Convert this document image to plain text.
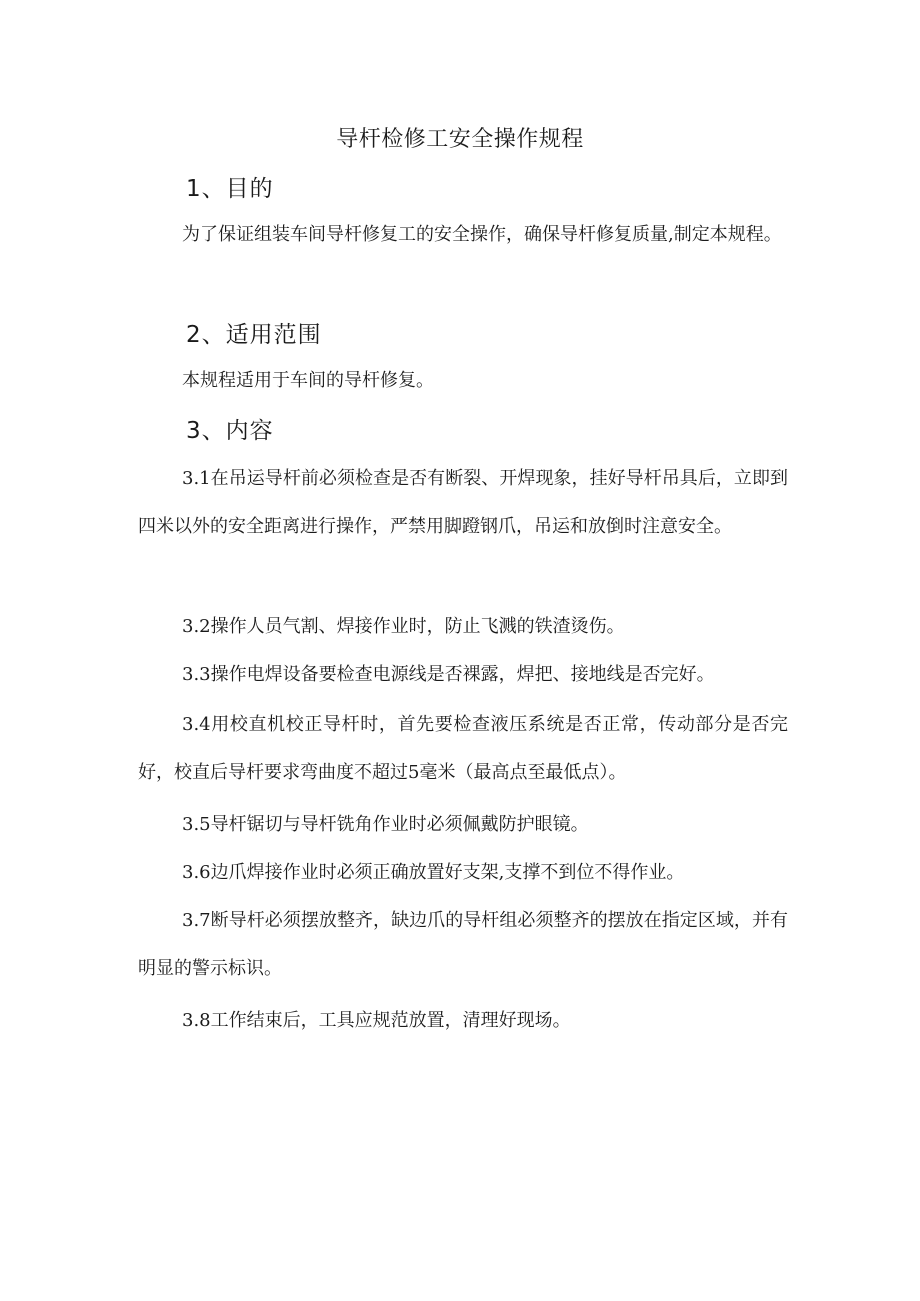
导杆检修工安全操作规程
1、目的
为了保证组装车间导杆修复工的安全操作，确保导杆修复质量,制定本规程。
2、适用范围
本规程适用于车间的导杆修复。
3、内容
3.1在吊运导杆前必须检查是否有断裂、开焊现象，挂好导杆吊具后，立即到四米以外的安全距离进行操作，严禁用脚蹬钢爪，吊运和放倒时注意安全。
3.2操作人员气割、焊接作业时，防止飞溅的铁渣烫伤。
3.3操作电焊设备要检查电源线是否裸露，焊把、接地线是否完好。
3.4用校直机校正导杆时，首先要检查液压系统是否正常，传动部分是否完好，校直后导杆要求弯曲度不超过5毫米（最高点至最低点）。
3.5导杆锯切与导杆铣角作业时必须佩戴防护眼镜。
3.6边爪焊接作业时必须正确放置好支架,支撑不到位不得作业。
3.7断导杆必须摆放整齐，缺边爪的导杆组必须整齐的摆放在指定区域，并有明显的警示标识。
3.8工作结束后，工具应规范放置，清理好现场。
